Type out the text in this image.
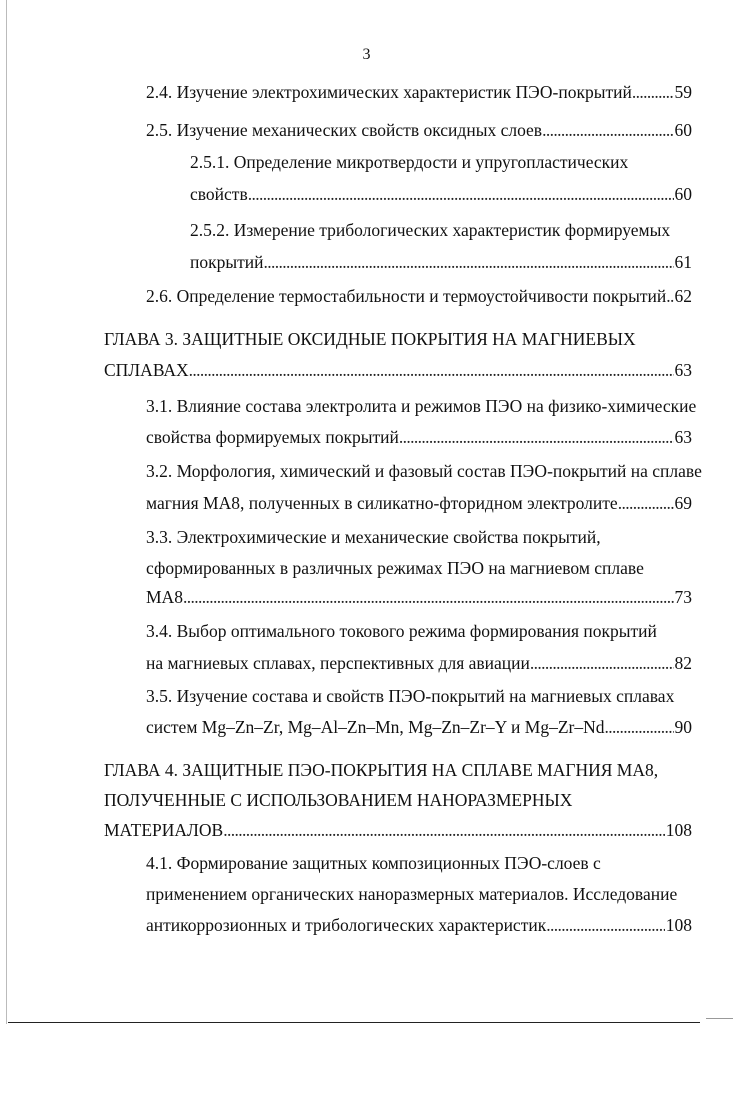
3
2.4. Изучение электрохимических характеристик ПЭО-покрытий . . . 59
2.5. Изучение механических свойств оксидных слоев . . .	60
2.5.1. Определение микротвердости и упругопластических
свойств . . .	60
2.5.2. Измерение трибологических характеристик формируемых
покрытий . . .	61
2.6. Определение термостабильности и термоустойчивости покрытий . . . 62
ГЛАВА 3. ЗАЩИТНЫЕ ОКСИДНЫЕ ПОКРЫТИЯ НА МАГНИЕВЫХ
СПЛАВАХ . . .	63
3.1. Влияние состава электролита и режимов ПЭО на физико-химические
свойства формируемых покрытий . . .	63
3.2. Морфология, химический и фазовый состав ПЭО-покрытий на сплаве
магния МА8, полученных в силикатно-фторидном электролите . . .	69
3.3. Электрохимические и механические свойства покрытий,
сформированных в различных режимах ПЭО на магниевом сплаве
МА8 . . .	73
3.4. Выбор оптимального токового режима формирования покрытий
на магниевых сплавах, перспективных для авиации . . .	82
3.5. Изучение состава и свойств ПЭО-покрытий на магниевых сплавах
систем Mg–Zn–Zr, Mg–Al–Zn–Mn, Mg–Zn–Zr–Y и Mg–Zr–Nd . . .	90
ГЛАВА 4. ЗАЩИТНЫЕ ПЭО-ПОКРЫТИЯ НА СПЛАВЕ МАГНИЯ МА8,
ПОЛУЧЕННЫЕ С ИСПОЛЬЗОВАНИЕМ НАНОРАЗМЕРНЫХ
МАТЕРИАЛОВ . . .	108
4.1. Формирование защитных композиционных ПЭО-слоев с
применением органических наноразмерных материалов. Исследование
антикоррозионных и трибологических характеристик . . .	108
